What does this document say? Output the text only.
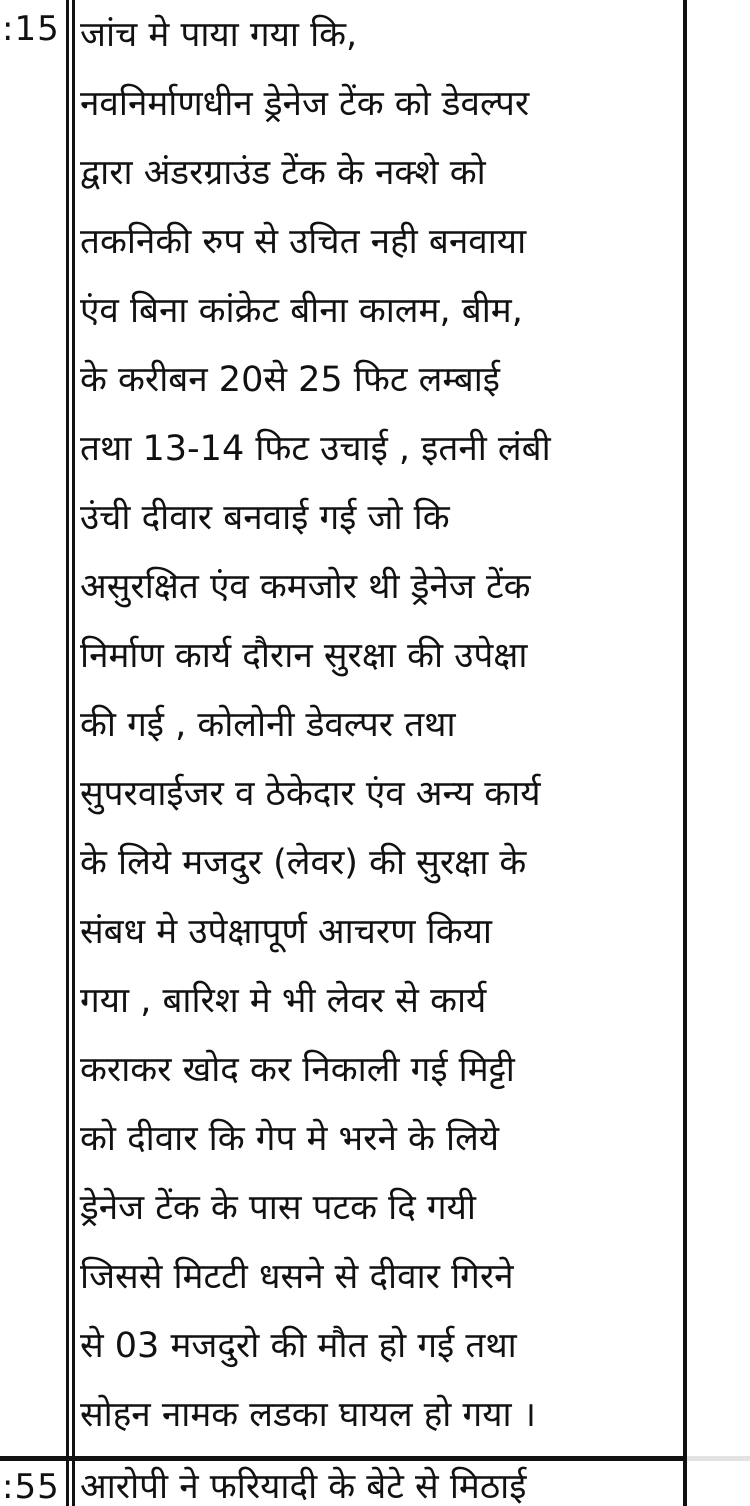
:15
:55
जांच मे पाया गया कि,
नवनिर्माणधीन ड्रेनेज टेंक को डेवल्पर
द्वारा अंडरग्राउंड टेंक के नक्शे को
तकनिकी रुप से उचित नही बनवाया
एंव बिना कांक्रेट बीना कालम, बीम,
के करीबन 20से 25 फिट लम्बाई
तथा 13-14 फिट उचाई , इतनी लंबी
उंची दीवार बनवाई गई जो कि
असुरक्षित एंव कमजोर थी ड्रेनेज टेंक
निर्माण कार्य दौरान सुरक्षा की उपेक्षा
की गई , कोलोनी डेवल्पर तथा
सुपरवाईजर व ठेकेदार एंव अन्य कार्य
के लिये मजदुर (लेवर) की सुरक्षा के
संबध मे उपेक्षापूर्ण आचरण किया
गया , बारिश मे भी लेवर से कार्य
कराकर खोद कर निकाली गई मिट्टी
को दीवार कि गेप मे भरने के लिये
ड्रेनेज टेंक के पास पटक दि गयी
जिससे मिटटी धसने से दीवार गिरने
से 03 मजदुरो की मौत हो गई तथा
सोहन नामक लडका घायल हो गया ।
आरोपी ने फरियादी के बेटे से मिठाई
